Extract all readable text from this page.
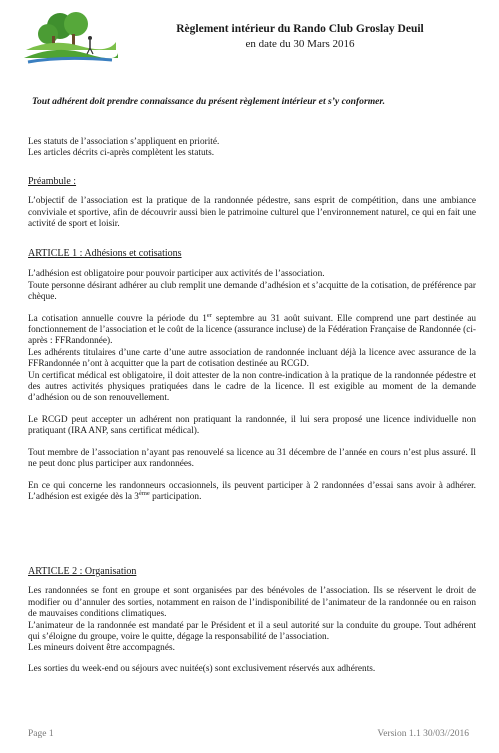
Règlement intérieur du Rando Club Groslay Deuil
en date du 30 Mars 2016
Tout adhérent doit prendre connaissance du présent règlement intérieur et s’y conformer.

Les statuts de l’association s’appliquent en priorité.

Les articles décrits ci-après complètent les statuts.

Préambule :

L’objectif de l’association est la pratique de la randonnée pédestre, sans esprit de compétition, dans une ambiance conviviale et sportive, afin de découvrir aussi bien le patrimoine culturel que l’environnement naturel, ce qui en fait une activité de sport et loisir.

ARTICLE 1 : Adhésions et cotisations

L’adhésion est obligatoire pour pouvoir participer aux activités de l’association.

Toute personne désirant adhérer au club remplit une demande d’adhésion et s’acquitte de la cotisation, de préférence par chèque.

La cotisation annuelle couvre la période du 1er septembre au 31 août suivant. Elle comprend une part destinée au fonctionnement de l’association et le coût de la licence (assurance incluse) de la Fédération Française de Randonnée (ci-après : FFRandonnée).

Les adhérents titulaires d’une carte d’une autre association de randonnée incluant déjà la licence avec assurance de la FFRandonnée n’ont à acquitter que la part de cotisation destinée au RCGD.

Un certificat médical est obligatoire, il doit attester de la non contre-indication à la pratique de la randonnée pédestre et des autres activités physiques pratiquées dans le cadre de la licence. Il est exigible au moment de la demande d’adhésion ou de son renouvellement.

Le RCGD peut accepter un adhérent non pratiquant la randonnée, il lui sera proposé une licence individuelle non pratiquant (IRA ANP, sans certificat médical).

Tout membre de l’association n’ayant pas renouvelé sa licence au 31 décembre de l’année en cours n’est plus assuré. Il ne peut donc plus participer aux randonnées.

En ce qui concerne les randonneurs occasionnels, ils peuvent participer à 2 randonnées d’essai sans avoir à adhérer. L’adhésion est exigée dès la 3ème participation.

ARTICLE 2 : Organisation

Les randonnées se font en groupe et sont organisées par des bénévoles de l’association. Ils se réservent le droit de modifier ou d’annuler des sorties, notamment en raison de l’indisponibilité de l’animateur de la randonnée ou en raison de mauvaises conditions climatiques.

L’animateur de la randonnée est mandaté par le Président et il a seul autorité sur la conduite du groupe. Tout adhérent qui s’éloigne du groupe, voire le quitte, dégage la responsabilité de l’association.

Les mineurs doivent être accompagnés.

Les sorties du week-end ou séjours avec nuitée(s) sont exclusivement réservés aux adhérents.

Page 1	Version 1.1 30/03//2016
